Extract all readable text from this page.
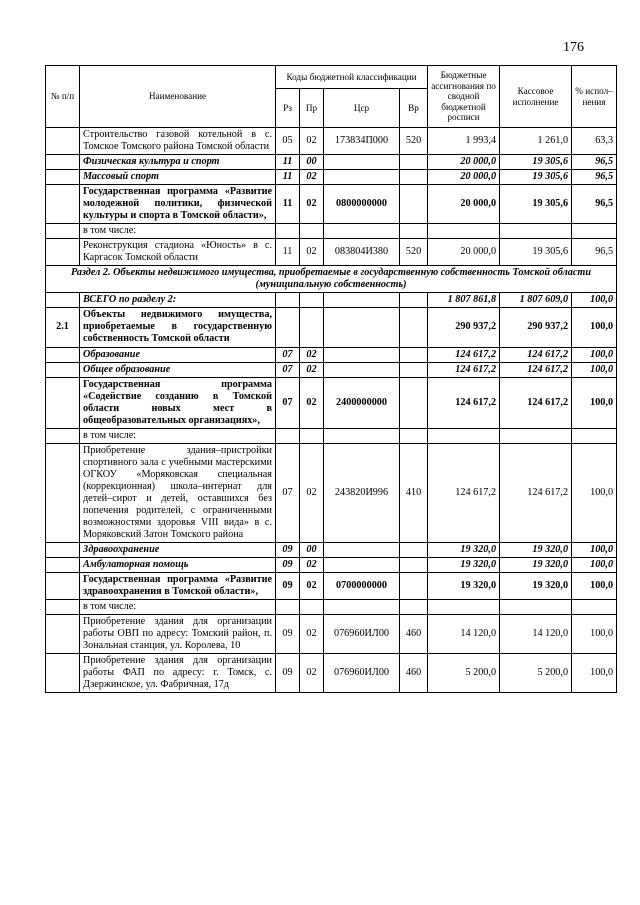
176
№ п/п	Наименование	Коды бюджетной классификации				Бюджетные ассигнования по сводной бюджетной росписи	Кассовое исполнение	% испол–нения
		Рз	Пр	Цср	Вр			
	Строительство газовой котельной в с. Томское Томского района Томской области	05	02	173834П000	520	1 993,4	1 261,0	63,3
	Физическая культура и спорт	11	00			20 000,0	19 305,6	96,5
	Массовый спорт	11	02			20 000,0	19 305,6	96,5
	Государственная программа «Развитие молодежной политики, физической культуры и спорта в Томской области»,	11	02	0800000000		20 000,0	19 305,6	96,5
	в том числе:							
	Реконструкция стадиона «Юность» в с. Каргасок Томской области	11	02	083804И380	520	20 000,0	19 305,6	96,5
Раздел 2. Объекты недвижимого имущества, приобретаемые в государственную собственность Томской области (муниципальную собственность)								
	ВСЕГО по разделу 2:					1 807 861,8	1 807 609,0	100,0
2.1	Объекты недвижимого имущества, приобретаемые в государственную собственность Томской области					290 937,2	290 937,2	100,0
	Образование	07	02			124 617,2	124 617,2	100,0
	Общее образование	07	02			124 617,2	124 617,2	100,0
	Государственная программа «Содействие созданию в Томской области новых мест в общеобразовательных организациях»,	07	02	2400000000		124 617,2	124 617,2	100,0
	в том числе:							
	Приобретение здания–пристройки спортивного зала с учебными мастерскими ОГКОУ «Моряковская специальная (коррекционная) школа–интернат для детей–сирот и детей, оставшихся без попечения родителей, с ограниченными возможностями здоровья VIII вида» в с. Моряковский Затон Томского района	07	02	243820И996	410	124 617,2	124 617,2	100,0
	Здравоохранение	09	00			19 320,0	19 320,0	100,0
	Амбулаторная помощь	09	02			19 320,0	19 320,0	100,0
	Государственная программа «Развитие здравоохранения в Томской области»,	09	02	0700000000		19 320,0	19 320,0	100,0
	в том числе:							
	Приобретение здания для организации работы ОВП по адресу: Томский район, п. Зональная станция, ул. Королева, 10	09	02	076960ИЛ00	460	14 120,0	14 120,0	100,0
	Приобретение здания для организации работы ФАП по адресу: г. Томск, с. Дзержинское, ул. Фабричная, 17д	09	02	076960ИЛ00	460	5 200,0	5 200,0	100,0
